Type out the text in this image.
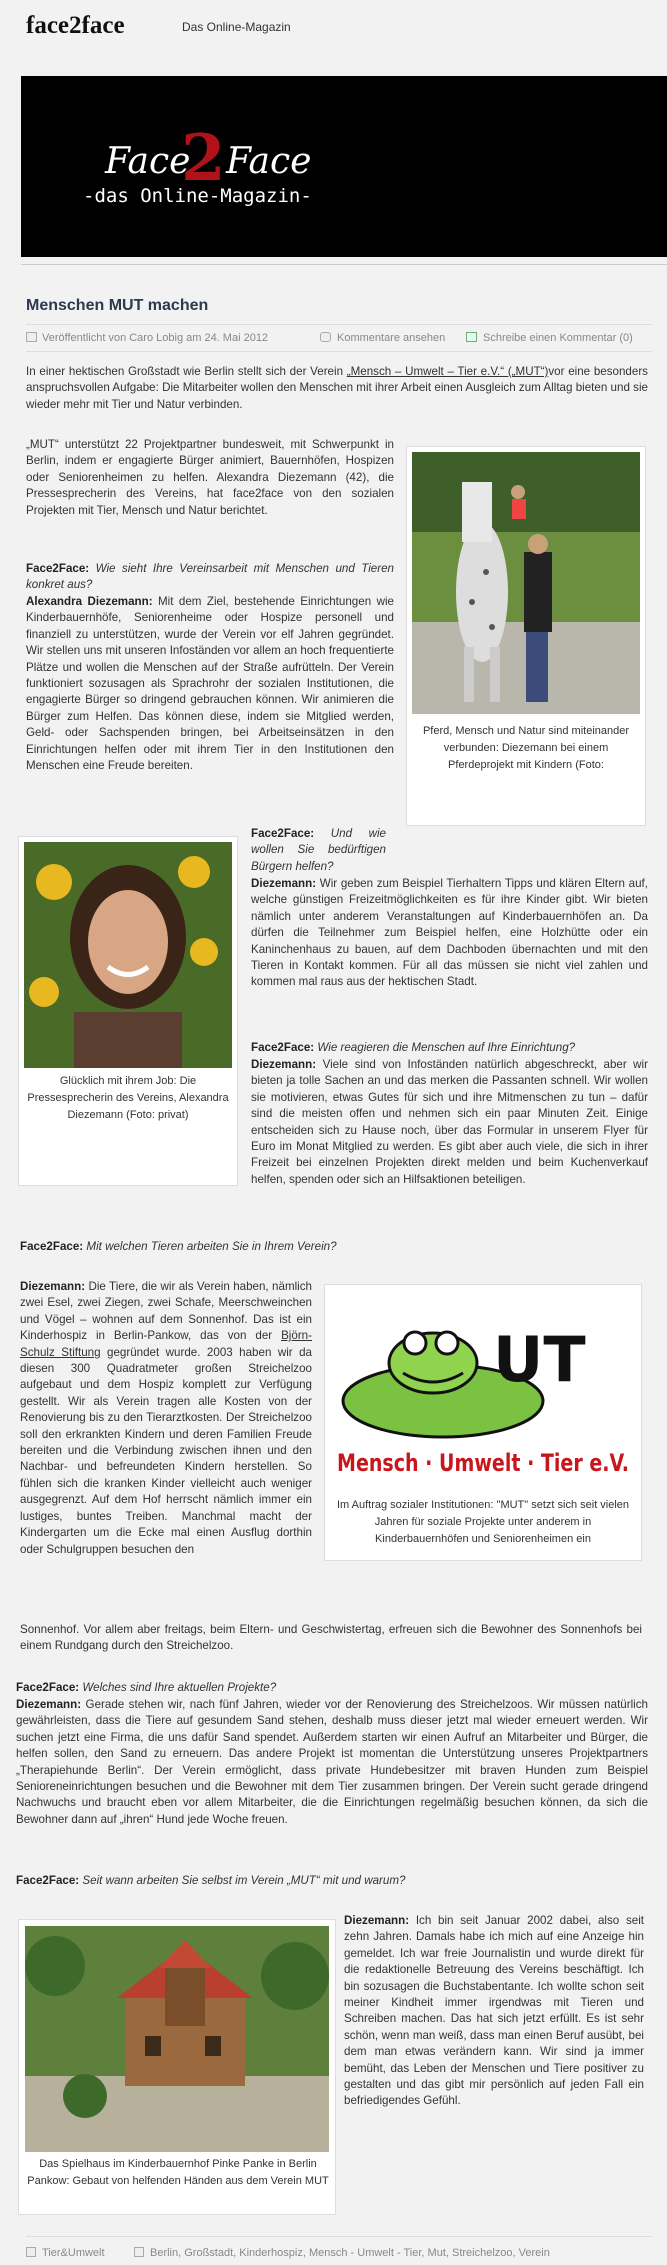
face2face	Das Online-Magazin
Face
2 Face
-das Online-Magazin-
Menschen MUT machen
Veröffentlicht von Caro Lobig am 24. Mai 2012	Kommentare ansehen	Schreibe einen Kommentar (0)

In einer hektischen Großstadt wie Berlin stellt sich der Verein „Mensch – Umwelt – Tier e.V.“ („MUT“)vor eine besonders anspruchsvollen Aufgabe: Die Mitarbeiter wollen den Menschen mit ihrer Arbeit einen Ausgleich zum Alltag bieten und sie wieder mehr mit Tier und Natur verbinden.

„MUT“ unterstützt 22 Projektpartner bundesweit, mit Schwerpunkt in Berlin, indem er engagierte Bürger animiert, Bauernhöfen, Hospizen oder Seniorenheimen zu helfen. Alexandra Diezemann (42), die Pressesprecherin des Vereins, hat face2face von den sozialen Projekten mit Tier, Mensch und Natur berichtet.

Pferd, Mensch und Natur sind miteinander verbunden: Diezemann bei einem Pferdeprojekt mit Kindern (Foto:

Face2Face: Wie sieht Ihre Vereinsarbeit mit Menschen und Tieren konkret aus?

Alexandra Diezemann: Mit dem Ziel, bestehende Einrichtungen wie Kinderbauernhöfe, Seniorenheime oder Hospize personell und finanziell zu unterstützen, wurde der Verein vor elf Jahren gegründet. Wir stellen uns mit unseren Infoständen vor allem an hoch frequentierte Plätze und wollen die Menschen auf der Straße aufrütteln. Der Verein funktioniert sozusagen als Sprachrohr der sozialen Institutionen, die engagierte Bürger so dringend gebrauchen können. Wir animieren die Bürger zum Helfen. Das können diese, indem sie Mitglied werden, Geld- oder Sachspenden bringen, bei Arbeitseinsätzen in den Einrichtungen helfen oder mit ihrem Tier in den Institutionen den Menschen eine Freude bereiten.

Glücklich mit ihrem Job: Die Pressesprecherin des Vereins, Alexandra Diezemann (Foto: privat)

Face2Face: Und wie wollen Sie bedürftigen Bürgern helfen?

Diezemann: Wir geben zum Beispiel Tierhaltern Tipps und klären Eltern auf, welche günstigen Freizeitmöglichkeiten es für ihre Kinder gibt. Wir bieten nämlich unter anderem Veranstaltungen auf Kinderbauernhöfen an. Da dürfen die Teilnehmer zum Beispiel helfen, eine Holzhütte oder ein Kaninchenhaus zu bauen, auf dem Dachboden übernachten und mit den Tieren in Kontakt kommen. Für all das müssen sie nicht viel zahlen und kommen mal raus aus der hektischen Stadt.

Face2Face: Wie reagieren die Menschen auf Ihre Einrichtung?

Diezemann: Viele sind von Infoständen natürlich abgeschreckt, aber wir bieten ja tolle Sachen an und das merken die Passanten schnell. Wir wollen sie motivieren, etwas Gutes für sich und ihre Mitmenschen zu tun – dafür sind die meisten offen und nehmen sich ein paar Minuten Zeit. Einige entscheiden sich zu Hause noch, über das Formular in unserem Flyer für Euro im Monat Mitglied zu werden. Es gibt aber auch viele, die sich in ihrer Freizeit bei einzelnen Projekten direkt melden und beim Kuchenverkauf helfen, spenden oder sich an Hilfsaktionen beteiligen.

Face2Face: Mit welchen Tieren arbeiten Sie in Ihrem Verein?

UT
Mensch · Umwelt · Tier e.V.
Im Auftrag sozialer Institutionen: "MUT" setzt sich seit vielen Jahren für soziale Projekte unter anderem in Kinderbauernhöfen und Seniorenheimen ein

Diezemann: Die Tiere, die wir als Verein haben, nämlich zwei Esel, zwei Ziegen, zwei Schafe, Meerschweinchen und Vögel – wohnen auf dem Sonnenhof. Das ist ein Kinderhospiz in Berlin-Pankow, das von der Björn-Schulz Stiftung gegründet wurde. 2003 haben wir da diesen 300 Quadratmeter großen Streichelzoo aufgebaut und dem Hospiz komplett zur Verfügung gestellt. Wir als Verein tragen alle Kosten von der Renovierung bis zu den Tierarztkosten. Der Streichelzoo soll den erkrankten Kindern und deren Familien Freude bereiten und die Verbindung zwischen ihnen und den Nachbar- und befreundeten Kindern herstellen. So fühlen sich die kranken Kinder vielleicht auch weniger ausgegrenzt. Auf dem Hof herrscht nämlich immer ein lustiges, buntes Treiben. Manchmal macht der Kindergarten um die Ecke mal einen Ausflug dorthin oder Schulgruppen besuchen den

Sonnenhof. Vor allem aber freitags, beim Eltern- und Geschwistertag, erfreuen sich die Bewohner des Sonnenhofs bei einem Rundgang durch den Streichelzoo.

Face2Face: Welches sind Ihre aktuellen Projekte?

Diezemann: Gerade stehen wir, nach fünf Jahren, wieder vor der Renovierung des Streichelzoos. Wir müssen natürlich gewährleisten, dass die Tiere auf gesundem Sand stehen, deshalb muss dieser jetzt mal wieder erneuert werden. Wir suchen jetzt eine Firma, die uns dafür Sand spendet. Außerdem starten wir einen Aufruf an Mitarbeiter und Bürger, die helfen sollen, den Sand zu erneuern. Das andere Projekt ist momentan die Unterstützung unseres Projektpartners „Therapiehunde Berlin“. Der Verein ermöglicht, dass private Hundebesitzer mit braven Hunden zum Beispiel Senioreneinrichtungen besuchen und die Bewohner mit dem Tier zusammen bringen. Der Verein sucht gerade dringend Nachwuchs und braucht eben vor allem Mitarbeiter, die die Einrichtungen regelmäßig besuchen können, da sich die Bewohner dann auf „ihren“ Hund jede Woche freuen.

Face2Face: Seit wann arbeiten Sie selbst im Verein „MUT“ mit und warum?

Das Spielhaus im Kinderbauernhof Pinke Panke in Berlin Pankow: Gebaut von helfenden Händen aus dem Verein MUT

Diezemann: Ich bin seit Januar 2002 dabei, also seit zehn Jahren. Damals habe ich mich auf eine Anzeige hin gemeldet. Ich war freie Journalistin und wurde direkt für die redaktionelle Betreuung des Vereins beschäftigt. Ich bin sozusagen die Buchstabentante. Ich wollte schon seit meiner Kindheit immer irgendwas mit Tieren und Schreiben machen. Das hat sich jetzt erfüllt. Es ist sehr schön, wenn man weiß, dass man einen Beruf ausübt, bei dem man etwas verändern kann. Wir sind ja immer bemüht, das Leben der Menschen und Tiere positiver zu gestalten und das gibt mir persönlich auf jeden Fall ein befriedigendes Gefühl.

Tier&Umwelt	Berlin, Großstadt, Kinderhospiz, Mensch - Umwelt - Tier, Mut, Streichelzoo, Verein
